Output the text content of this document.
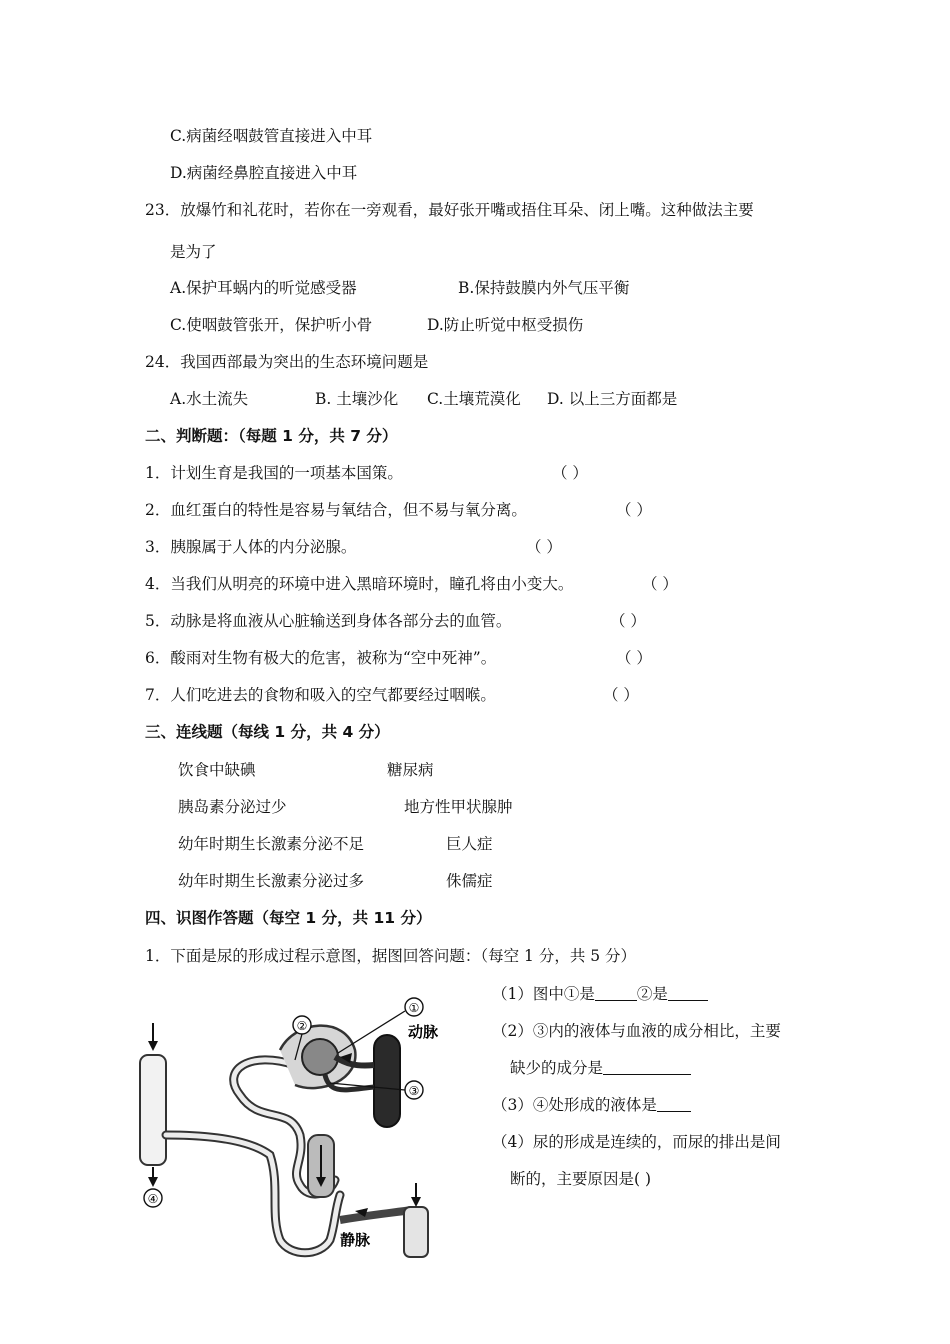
C.病菌经咽鼓管直接进入中耳
D.病菌经鼻腔直接进入中耳
23．放爆竹和礼花时，若你在一旁观看，最好张开嘴或捂住耳朵、闭上嘴。这种做法主要
是为了
A.保护耳蜗内的听觉感受器	B.保持鼓膜内外气压平衡
C.使咽鼓管张开，保护听小骨	D.防止听觉中枢受损伤
24．我国西部最为突出的生态环境问题是
A.水土流失	B. 土壤沙化 C.土壤荒漠化 D. 以上三方面都是
二、判断题：（每题 1 分，共 7 分）
1．计划生育是我国的一项基本国策。	（ ）
2．血红蛋白的特性是容易与氧结合，但不易与氧分离。	（ ）
3．胰腺属于人体的内分泌腺。	（ ）
4．当我们从明亮的环境中进入黑暗环境时，瞳孔将由小变大。	（ ）
5．动脉是将血液从心脏输送到身体各部分去的血管。	（ ）
6．酸雨对生物有极大的危害，被称为“空中死神”。	（ ）
7．人们吃进去的食物和吸入的空气都要经过咽喉。	（ ）
三、连线题（每线 1 分，共 4 分）
饮食中缺碘	糖尿病
胰岛素分泌过少	地方性甲状腺肿
幼年时期生长激素分泌不足	巨人症
幼年时期生长激素分泌过多	侏儒症
四、识图作答题（每空 1 分，共 11 分）
1．下面是尿的形成过程示意图，据图回答问题：（每空 1 分，共 5 分）
（1）图中①是	②是
（2）③内的液体与血液的成分相比，主要
缺少的成分是
（3）④处形成的液体是
（4）尿的形成是连续的，而尿的排出是间
断的，主要原因是( )
①
②
③
④
动脉
静脉
